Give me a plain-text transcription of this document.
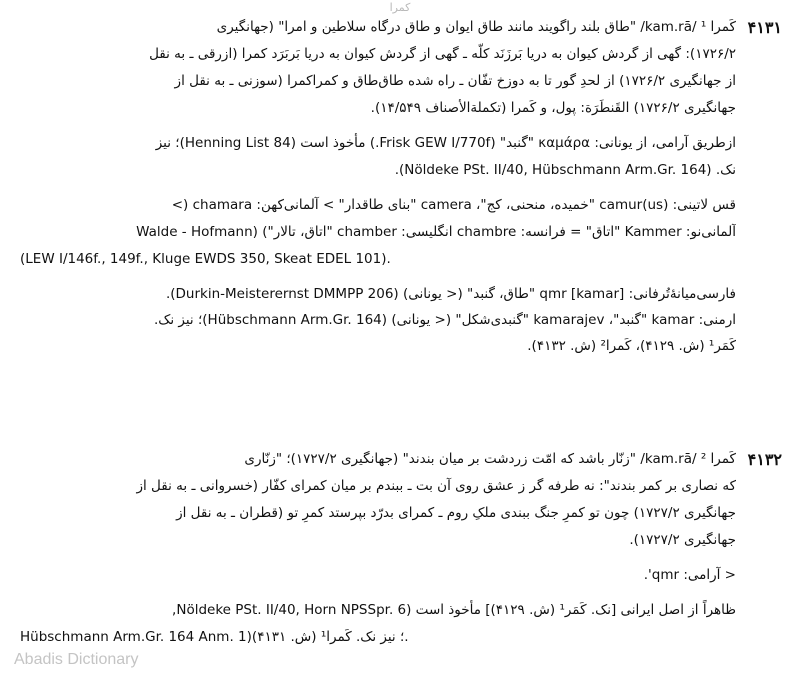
کمرا
۴۱۳۱
کَمرا ¹ /kam.rā/ "طاق بلند راگویند مانند طاق ایوان و طاق درگاه سلاطین و امرا" (جهانگیری
۱۷۲۶/۲): گهی از گردش کیوان به دریا بَرزَنَد کلّه ـ گهی از گردش کیوان به دریا بَربَرَد کمرا (ازرقی ـ به نقل
از جهانگیری ۱۷۲۶/۲) از لحدِ گور تا به دوزخ تفّان ـ راه شده طاق‌طاق و کمراکمرا (سوزنی ـ به نقل از
جهانگیری ۱۷۲۶/۲) القَنطَرَة: پول، و کَمرا (تکملة‌الأصناف ۱۴/۵۴۹).
ازطریق آرامی، از یونانی: καμάρα "گنبد" (Frisk GEW I/770f.) مأخوذ است (Henning List 84)؛ نیز
نک. (Nöldeke PSt. II/40, Hübschmann Arm.Gr. 164).
قس لاتینی: camur(us) "خمیده، منحنی، کج"، camera "بنای طاقدار" > آلمانی‌کهن: chamara (>
آلمانی‌نو: Kammer "اتاق" = فرانسه: chambre انگلیسی: chamber "اتاق، تالار") (Walde - Hofmann
(LEW I/146f., 149f., Kluge EWDS 350, Skeat EDEL 101).
فارسی‌میانهٔ‌تُرفانی: qmr [kamar] "طاق، گنبد" (< یونانی) (Durkin-Meisterernst DMMPP 206).
ارمنی: kamar "گنبد"، kamarajev "گنبدی‌شکل" (< یونانی) (Hübschmann Arm.Gr. 164)؛ نیز نک.
کَمَر¹ (ش. ۴۱۲۹)، کَمرا² (ش. ۴۱۳۲).
۴۱۳۲
کَمرا ² /kam.rā/ "زنّار باشد که امّت زردشت بر میان بندند" (جهانگیری ۱۷۲۷/۲)؛ "زنّاری
که نصاری بر کمر بندند": نه طرفه گر ز عشق روی آن بت ـ ببندم بر میان کمرای کفّار (خسروانی ـ به نقل از
جهانگیری ۱۷۲۷/۲) چون تو کمرِ جنگ ببندی ملکِ روم ـ کمرای بدرّد بپرستد کمرِ تو (قطران ـ به نقل از
جهانگیری ۱۷۲۷/۲).
< آرامی: qmr'.
ظاهراً از اصل ایرانی [نک. کَمَر¹ (ش. ۴۱۲۹)] مأخوذ است (Nöldeke PSt. II/40, Horn NPSSpr. 6,
Hübschmann Arm.Gr. 164 Anm. 1)؛ نیز نک. کَمرا¹ (ش. ۴۱۳۱).
Abadis Dictionary
